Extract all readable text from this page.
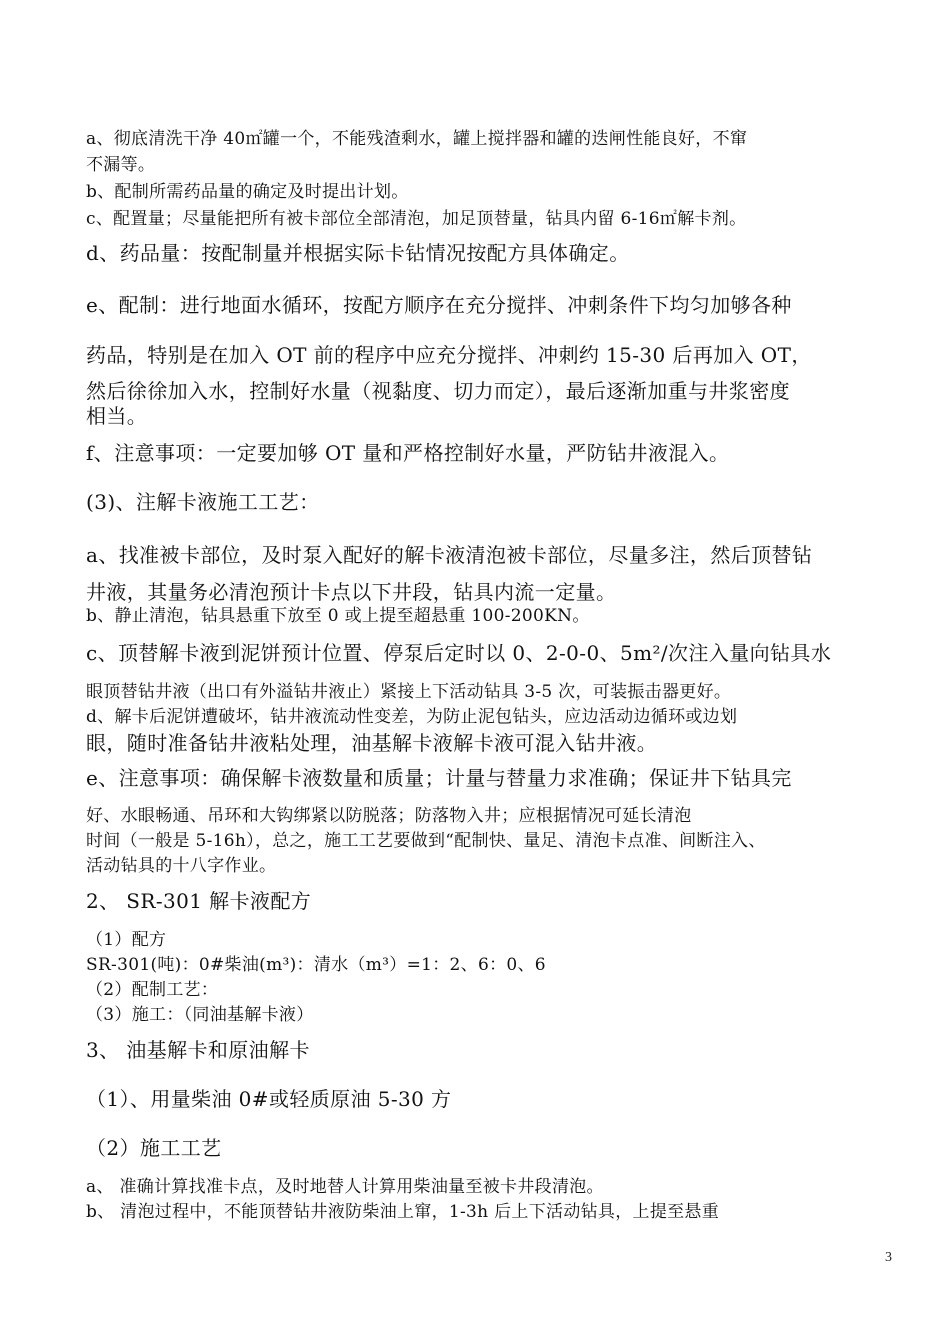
a、彻底清洗干净 40㎡罐一个，不能残渣剩水，罐上搅拌器和罐的迭闸性能良好，不窜
不漏等。
b、配制所需药品量的确定及时提出计划。
c、配置量；尽量能把所有被卡部位全部清泡，加足顶替量，钻具内留 6-16㎡解卡剂。
d、药品量：按配制量并根据实际卡钻情况按配方具体确定。
e、配制：进行地面水循环，按配方顺序在充分搅拌、冲刺条件下均匀加够各种
药品，特别是在加入 OT 前的程序中应充分搅拌、冲刺约 15-30 后再加入 OT，
然后徐徐加入水，控制好水量（视黏度、切力而定），最后逐渐加重与井浆密度
相当。
f、注意事项：一定要加够 OT 量和严格控制好水量，严防钻井液混入。
(3)、注解卡液施工工艺：
a、找准被卡部位，及时泵入配好的解卡液清泡被卡部位，尽量多注，然后顶替钻
井液，其量务必清泡预计卡点以下井段，钻具内流一定量。
b、静止清泡，钻具悬重下放至 0 或上提至超悬重 100-200KN。
c、顶替解卡液到泥饼预计位置、停泵后定时以 0、2-0-0、5m²/次注入量向钻具水
眼顶替钻井液（出口有外溢钻井液止）紧接上下活动钻具 3-5 次，可装振击器更好。
d、解卡后泥饼遭破坏，钻井液流动性变差，为防止泥包钻头，应边活动边循环或边划
眼，随时准备钻井液粘处理，油基解卡液解卡液可混入钻井液。
e、注意事项：确保解卡液数量和质量；计量与替量力求准确；保证井下钻具完
好、水眼畅通、吊环和大钩绑紧以防脱落；防落物入井；应根据情况可延长清泡
时间（一般是 5-16h），总之，施工工艺要做到“配制快、量足、清泡卡点准、间断注入、
活动钻具的十八字作业。
2、 SR-301 解卡液配方
（1）配方
SR-301(吨)：0#柴油(m³)：清水（m³）=1：2、6：0、6
（2）配制工艺：
（3）施工：（同油基解卡液）
3、 油基解卡和原油解卡
（1）、用量柴油 0#或轻质原油 5-30 方
（2）施工工艺
a、 准确计算找准卡点，及时地替人计算用柴油量至被卡井段清泡。
b、 清泡过程中，不能顶替钻井液防柴油上窜，1-3h 后上下活动钻具，上提至悬重
3
